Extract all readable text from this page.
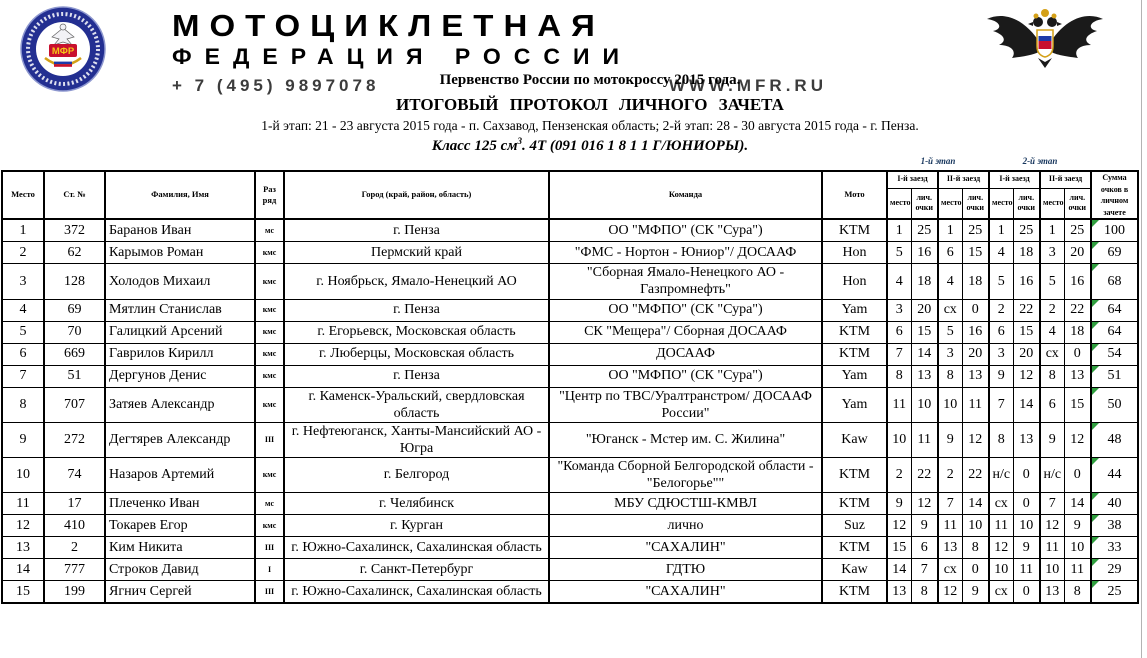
МФР
МОТОЦИКЛЕТНАЯ
ФЕДЕРАЦИЯ РОССИИ
+ 7 (495) 9897078	WWW.MFR.RU
Первенство России по мотокроссу 2015 года.
ИТОГОВЫЙ ПРОТОКОЛ ЛИЧНОГО ЗАЧЕТА
1-й этап: 21 - 23 августа 2015 года - п. Сахзавод, Пензенская область; 2-й этап: 28 - 30 августа 2015 года - г. Пенза.
Класс 125 $см^3$. 4Т (091 016 1 8 1 1 Г/ЮНИОРЫ).
1-й этап	2-й этап
Место	Ст. №	Фамилия, Имя	Раз ряд	Город (край, район, область)	Команда	Мото	I-й заезд		II-й заезд		I-й заезд		II-й заезд		Сумма очков в личном зачете
							место	лич. очки	место	лич. очки	место	лич. очки	место	лич. очки	
1	372	Баранов Иван	мс	г. Пенза	ОО "МФПО" (СК "Сура")	KTM	1	25	1	25	1	25	1	25	100
2	62	Карымов Роман	кмс	Пермский край	"ФМС - Нортон - Юниор"/ ДОСААФ	Hon	5	16	6	15	4	18	3	20	69
3	128	Холодов Михаил	кмс	г. Ноябрьск, Ямало-Ненецкий АО	"Сборная Ямало-Ненецкого АО - Газпромнефть"	Hon	4	18	4	18	5	16	5	16	68
4	69	Мятлин Станислав	кмс	г. Пенза	ОО "МФПО" (СК "Сура")	Yam	3	20	сх	0	2	22	2	22	64
5	70	Галицкий Арсений	кмс	г. Егорьевск, Московская область	СК "Мещера"/ Сборная ДОСААФ	KTM	6	15	5	16	6	15	4	18	64
6	669	Гаврилов Кирилл	кмс	г. Люберцы, Московская область	ДОСААФ	KTM	7	14	3	20	3	20	сх	0	54
7	51	Дергунов Денис	кмс	г. Пенза	ОО "МФПО" (СК "Сура")	Yam	8	13	8	13	9	12	8	13	51
8	707	Затяев Александр	кмс	г. Каменск-Уральский, свердловская область	"Центр по ТВС/Уралтранстром/ ДОСААФ России"	Yam	11	10	10	11	7	14	6	15	50
9	272	Дегтярев Александр	III	г. Нефтеюганск, Ханты-Мансийский АО - Югра	"Юганск - Мстер им. С. Жилина"	Kaw	10	11	9	12	8	13	9	12	48
10	74	Назаров Артемий	кмс	г. Белгород	"Команда Сборной Белгородской области - "Белогорье""	KTM	2	22	2	22	н/с	0	н/с	0	44
11	17	Плеченко Иван	мс	г. Челябинск	МБУ СДЮСТШ-КМВЛ	KTM	9	12	7	14	сх	0	7	14	40
12	410	Токарев Егор	кмс	г. Курган	лично	Suz	12	9	11	10	11	10	12	9	38
13	2	Ким Никита	III	г. Южно-Сахалинск, Сахалинская область	"САХАЛИН"	KTM	15	6	13	8	12	9	11	10	33
14	777	Строков Давид	I	г. Санкт-Петербург	ГДТЮ	Kaw	14	7	сх	0	10	11	10	11	29
15	199	Ягнич Сергей	III	г. Южно-Сахалинск, Сахалинская область	"САХАЛИН"	KTM	13	8	12	9	сх	0	13	8	25
